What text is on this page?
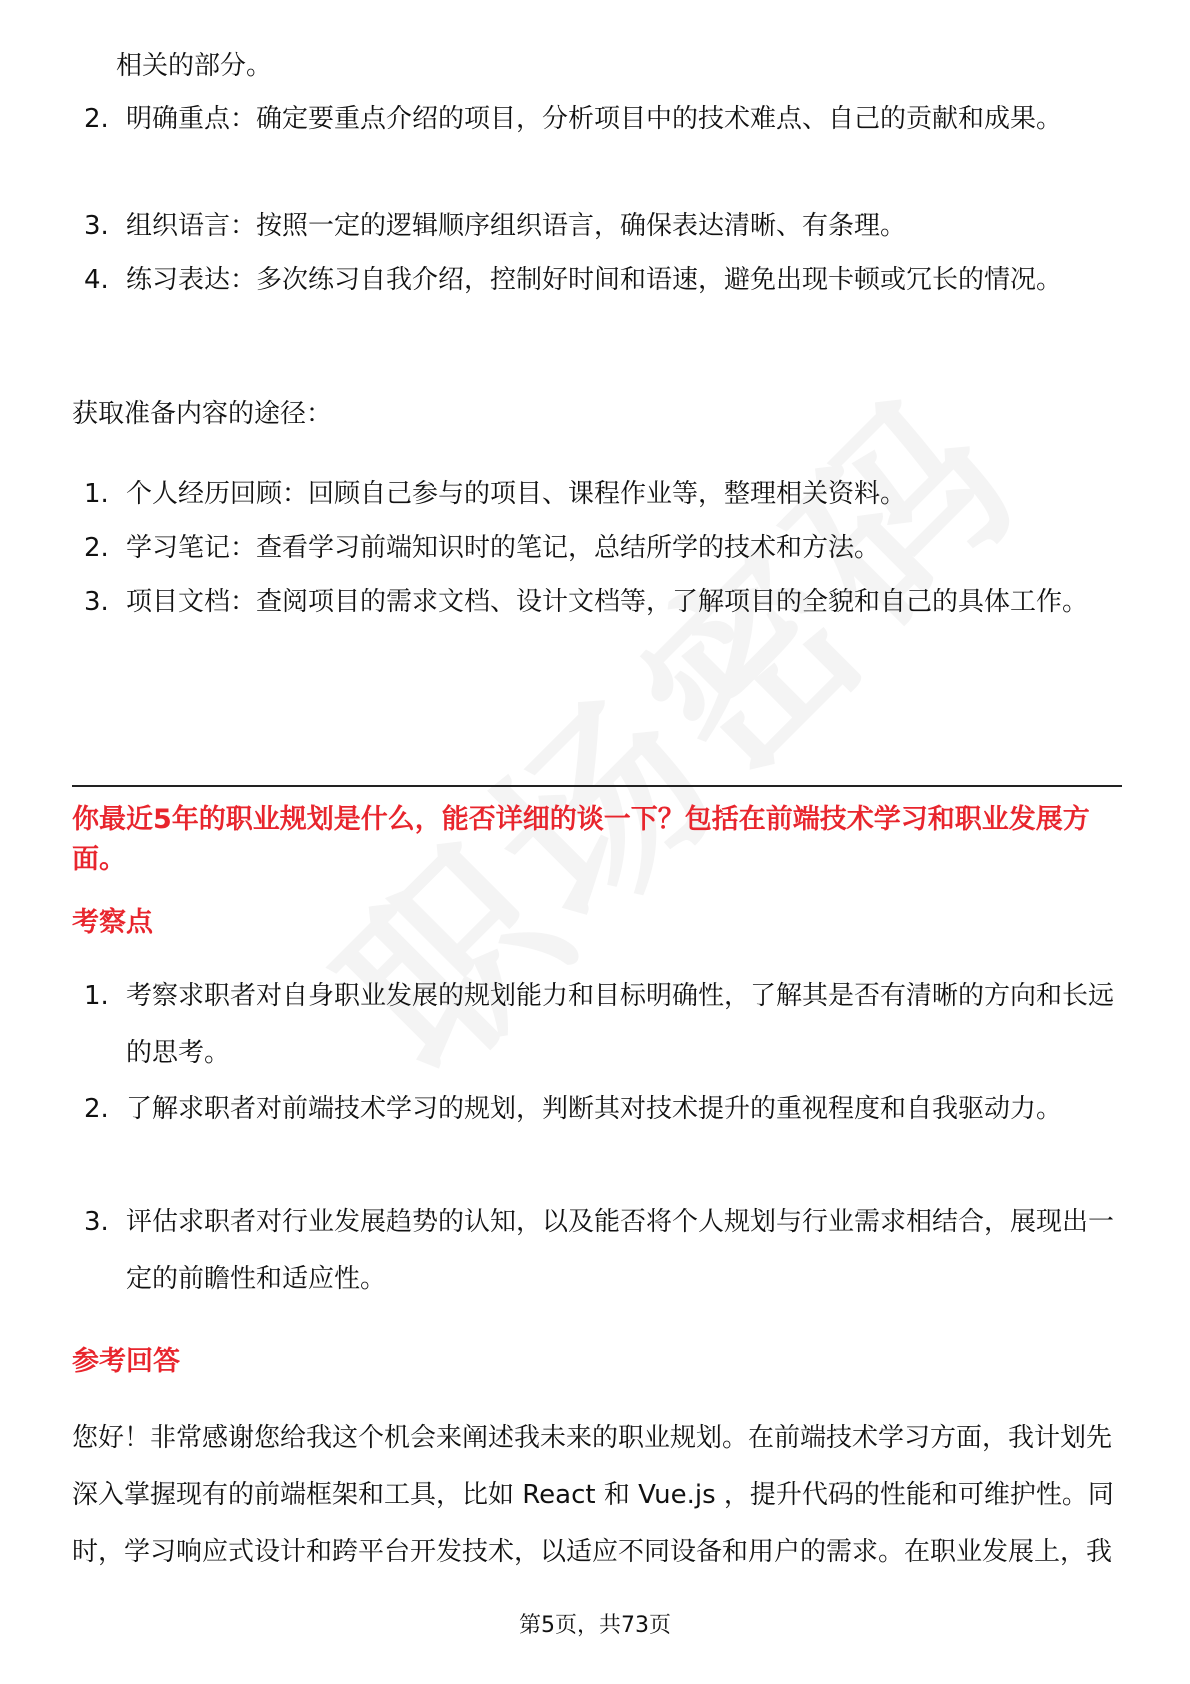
相关的部分。
2. 明确重点：确定要重点介绍的项目，分析项目中的技术难点、自己的贡献和成果。
3. 组织语言：按照一定的逻辑顺序组织语言，确保表达清晰、有条理。
4. 练习表达：多次练习自我介绍，控制好时间和语速，避免出现卡顿或冗长的情况。
获取准备内容的途径：
1. 个人经历回顾：回顾自己参与的项目、课程作业等，整理相关资料。
2. 学习笔记：查看学习前端知识时的笔记，总结所学的技术和方法。
3. 项目文档：查阅项目的需求文档、设计文档等，了解项目的全貌和自己的具体工作。
你最近5年的职业规划是什么，能否详细的谈一下？包括在前端技术学习和职业发展方面。
考察点
1. 考察求职者对自身职业发展的规划能力和目标明确性，了解其是否有清晰的方向和长远的思考。
2. 了解求职者对前端技术学习的规划，判断其对技术提升的重视程度和自我驱动力。
3. 评估求职者对行业发展趋势的认知，以及能否将个人规划与行业需求相结合，展现出一定的前瞻性和适应性。
参考回答
您好！非常感谢您给我这个机会来阐述我未来的职业规划。在前端技术学习方面，我计划先深入掌握现有的前端框架和工具，比如 React 和 Vue.js ，提升代码的性能和可维护性。同时，学习响应式设计和跨平台开发技术，以适应不同设备和用户的需求。在职业发展上，我
第5页，共73页
